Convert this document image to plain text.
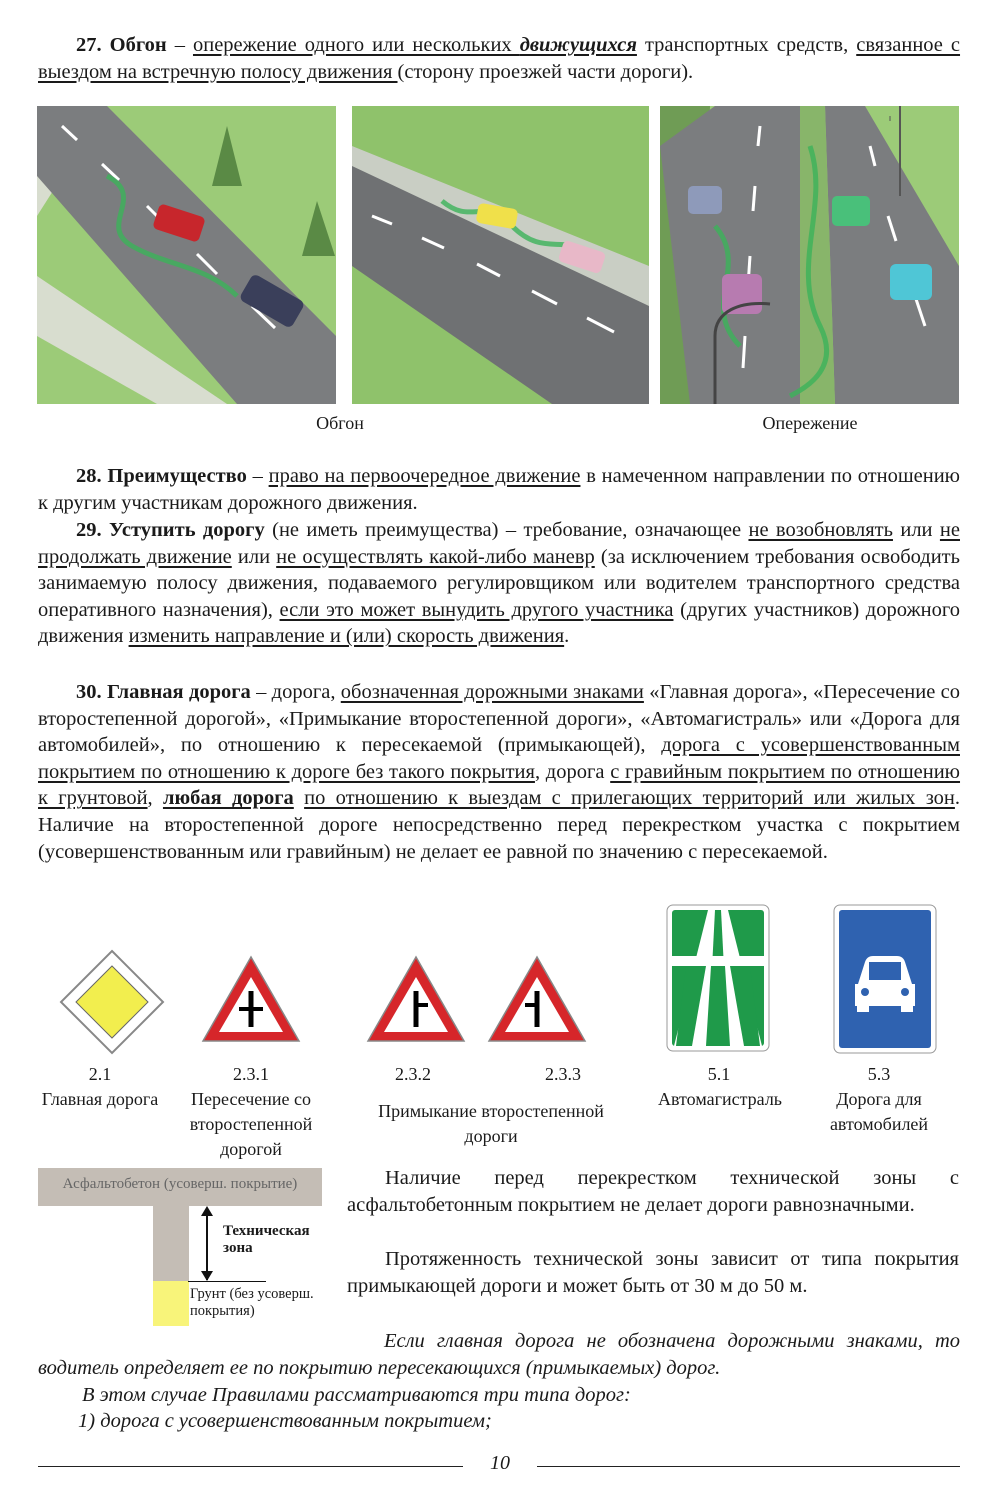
27. Обгон – опережение одного или нескольких движущихся транспортных средств, связанное с выездом на встречную полосу движения (сторону проезжей части дороги).

Обгон	Опережение

28. Преимущество – право на первоочередное движение в намеченном направлении по отношению к другим участникам дорожного движения.

29. Уступить дорогу (не иметь преимущества) – требование, означающее не возобновлять или не продолжать движение или не осуществлять какой-либо маневр (за исключением требования освободить занимаемую полосу движения, подаваемого регулировщиком или водителем транспортного средства оперативного назначения), если это может вынудить другого участника (других участников) дорожного движения изменить направление и (или) скорость движения.

30. Главная дорога – дорога, обозначенная дорожными знаками «Главная дорога», «Пересечение со второстепенной дорогой», «Примыкание второстепенной дороги», «Автомагистраль» или «Дорога для автомобилей», по отношению к пересекаемой (примыкающей), дорога с усовершенствованным покрытием по отношению к дороге без такого покрытия, дорога с гравийным покрытием по отношению к грунтовой, любая дорога по отношению к выездам с прилегающих территорий или жилых зон. Наличие на второстепенной дороге непосредственно перед перекрестком участка с покрытием (усовершенствованным или гравийным) не делает ее равной по значению с пересекаемой.

2.1
Главная дорога
2.3.1
Пересечение со второстепенной дорогой
2.3.2	2.3.3
Примыкание второстепенной дороги
5.1
Автомагистраль
5.3
Дорога для автомобилей
Асфальтобетон (усоверш. покрытие)
Техническая зона
Грунт (без усоверш. покрытия)

Наличие перед перекрестком технической зоны с асфальтобетонным покрытием не делает дороги равнозначными.

Протяженность технической зоны зависит от типа покрытия примыкающей дороги и может быть от 30 м до 50 м.

Если главная дорога не обозначена дорожными знаками, то водитель определяет ее по покрытию пересекающихся (примыкаемых) дорог.

В этом случае Правилами рассматриваются три типа дорог:

1) дорога с усовершенствованным покрытием;

10
